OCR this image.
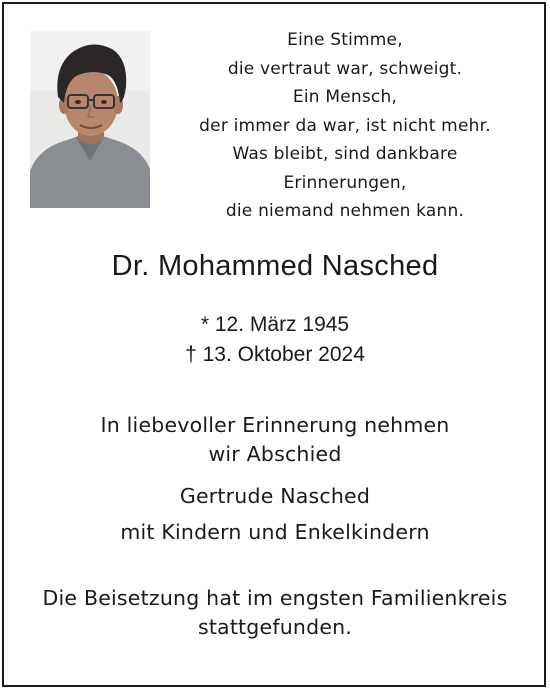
Eine Stimme,
die vertraut war, schweigt.
Ein Mensch,
der immer da war, ist nicht mehr.
Was bleibt, sind dankbare
Erinnerungen,
die niemand nehmen kann.
Dr. Mohammed Nasched
* 12. März 1945
† 13. Oktober 2024
In liebevoller Erinnerung nehmen
wir Abschied
Gertrude Nasched
mit Kindern und Enkelkindern
Die Beisetzung hat im engsten Familienkreis
stattgefunden.
